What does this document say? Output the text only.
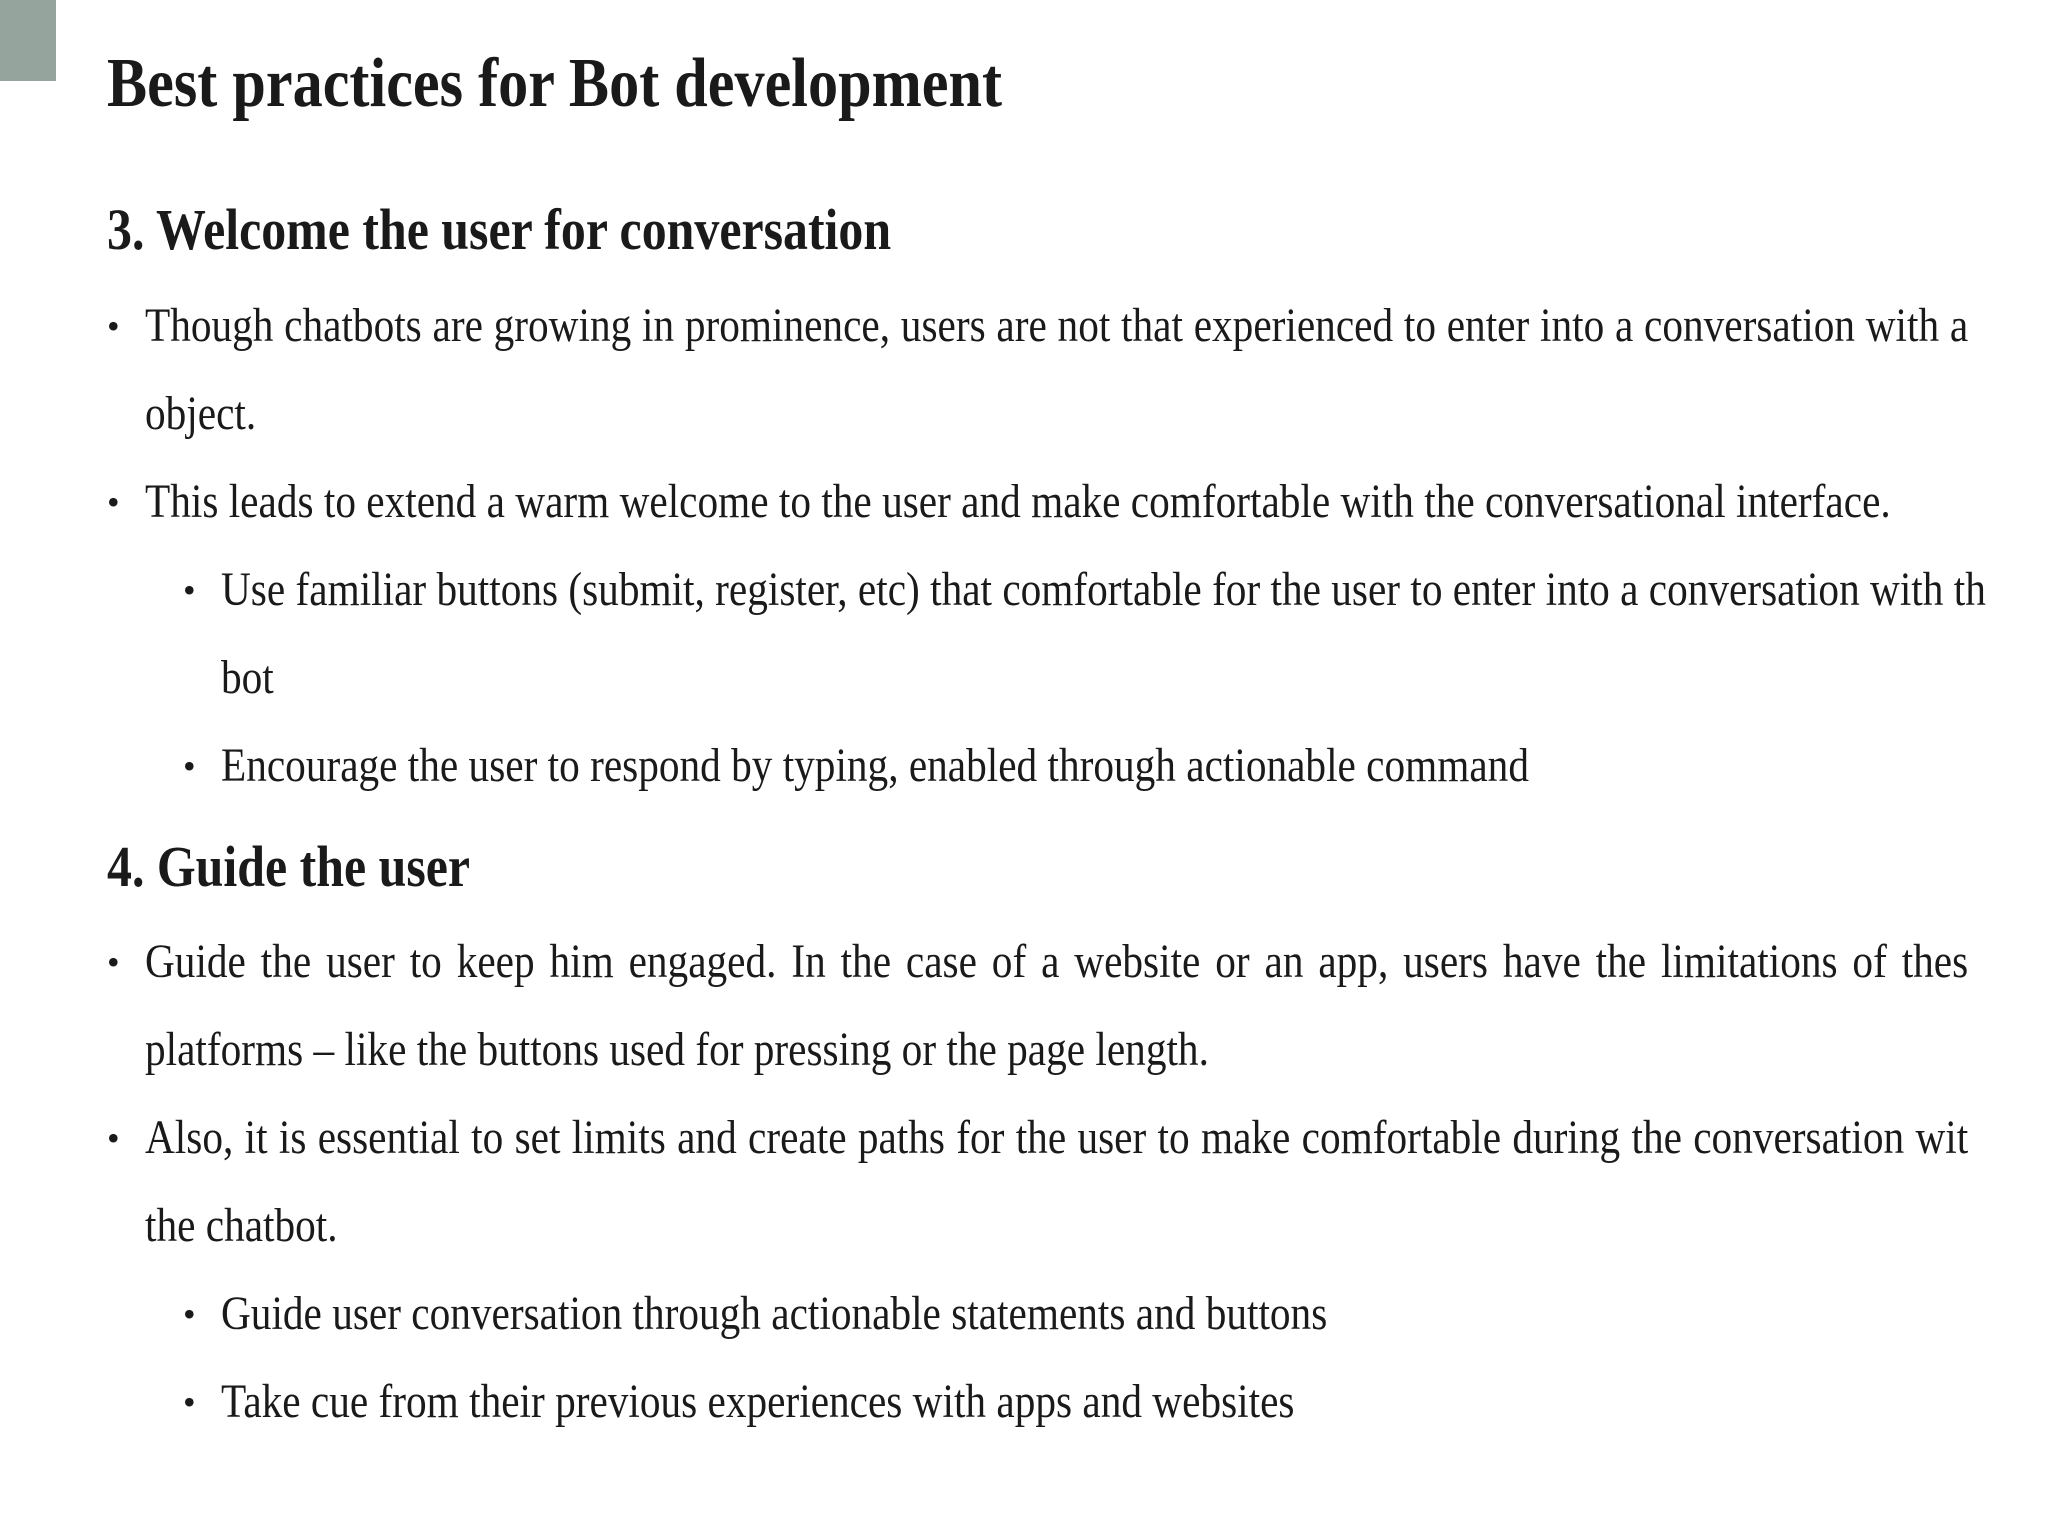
Best practices for Bot development
3. Welcome the user for conversation
• Though chatbots are growing in prominence, users are not that experienced to enter into a conversation with a
object.
• This leads to extend a warm welcome to the user and make comfortable with the conversational interface.
• Use familiar buttons (submit, register, etc) that comfortable for the user to enter into a conversation with th
bot
• Encourage the user to respond by typing, enabled through actionable command
4. Guide the user
• Guide the user to keep him engaged. In the case of a website or an app, users have the limitations of thes
platforms – like the buttons used for pressing or the page length.
• Also, it is essential to set limits and create paths for the user to make comfortable during the conversation wit
the chatbot.
• Guide user conversation through actionable statements and buttons
• Take cue from their previous experiences with apps and websites
